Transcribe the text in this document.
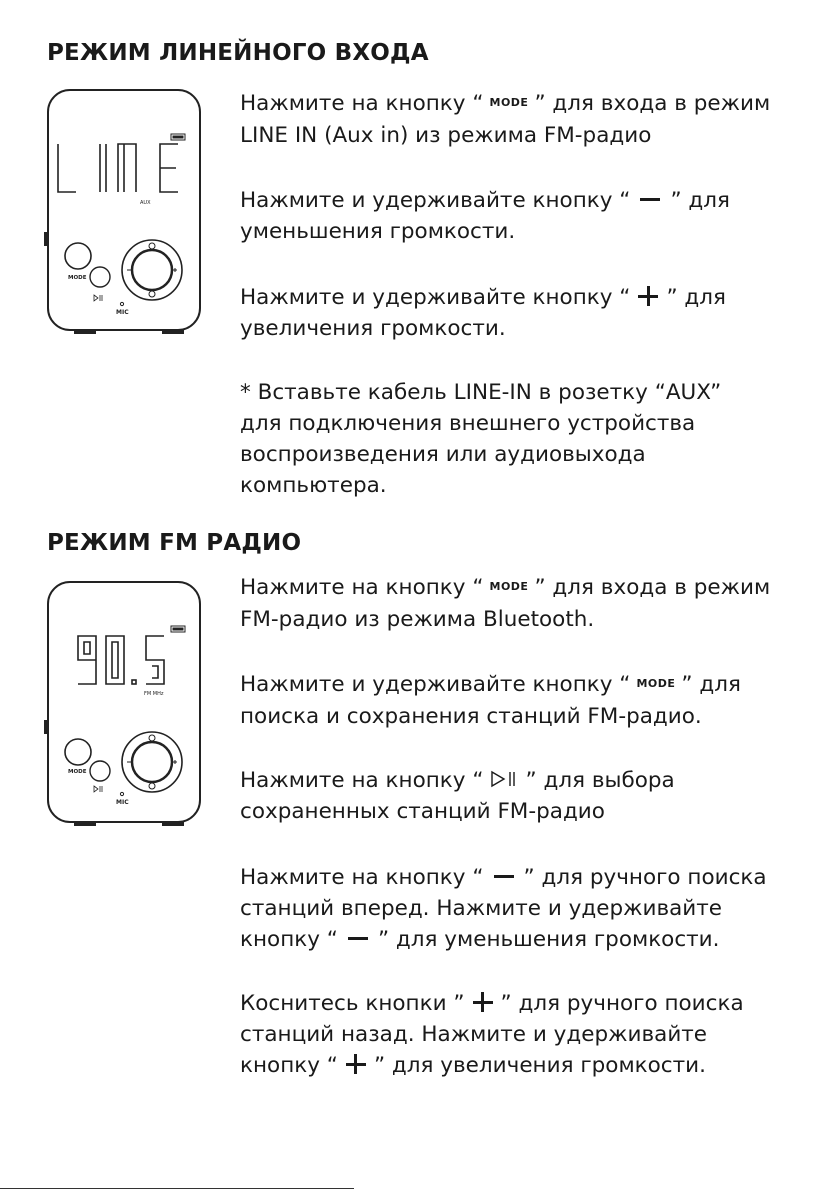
РЕЖИМ ЛИНЕЙНОГО ВХОДА
AUX
MODE
MIC
Нажмите на кнопку “ MODE ” для входа в режим
LINE IN (Aux in) из режима FM-радио
Нажмите и удерживайте кнопку “ ” для
уменьшения громкости.
Нажмите и удерживайте кнопку “ ” для
увеличения громкости.
* Вставьте кабель LINE-IN в розетку “AUX”
для подключения внешнего устройства
воспроизведения или аудиовыхода
компьютера.
РЕЖИМ FM РАДИО
FM MHz
MODE
MIC
Нажмите на кнопку “ MODE ” для входа в режим
FM-радио из режима Bluetooth.
Нажмите и удерживайте кнопку “ MODE ” для
поиска и сохранения станций FM-радио.
Нажмите на кнопку “ ” для выбора
сохраненных станций FM-радио
Нажмите на кнопку “ ” для ручного поиска
станций вперед. Нажмите и удерживайте
кнопку “ ” для уменьшения громкости.
Коснитесь кнопки ” ” для ручного поиска
станций назад. Нажмите и удерживайте
кнопку “ ” для увеличения громкости.
